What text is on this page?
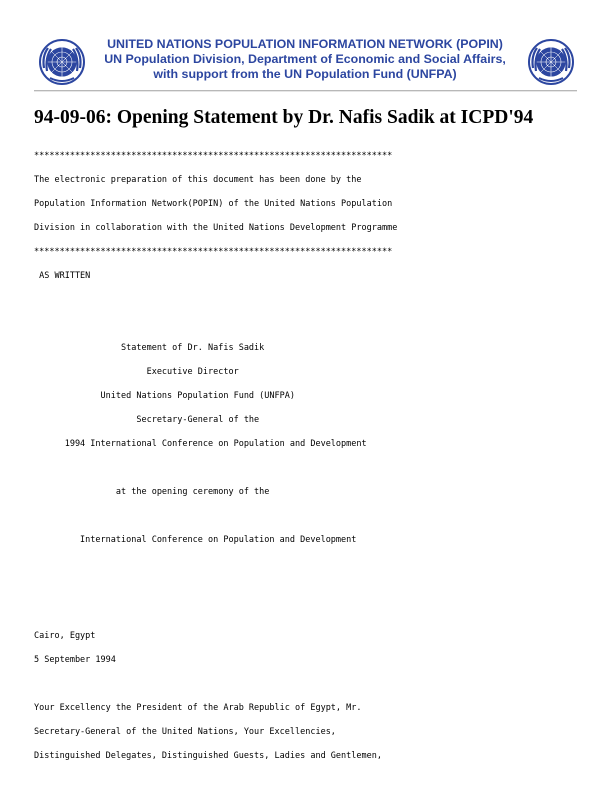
UNITED NATIONS POPULATION INFORMATION NETWORK (POPIN)
UN Population Division, Department of Economic and Social Affairs,
with support from the UN Population Fund (UNFPA)
94-09-06: Opening Statement by Dr. Nafis Sadik at ICPD'94
**********************************************************************
The electronic preparation of this document has been done by the
Population Information Network(POPIN) of the United Nations Population
Division in collaboration with the United Nations Development Programme
**********************************************************************
AS WRITTEN
Statement of Dr. Nafis Sadik
Executive Director
United Nations Population Fund (UNFPA)
Secretary-General of the
1994 International Conference on Population and Development
at the opening ceremony of the
International Conference on Population and Development
Cairo, Egypt
5 September 1994
Your Excellency the President of the Arab Republic of Egypt, Mr.
Secretary-General of the United Nations, Your Excellencies,
Distinguished Delegates, Distinguished Guests, Ladies and Gentlemen,
